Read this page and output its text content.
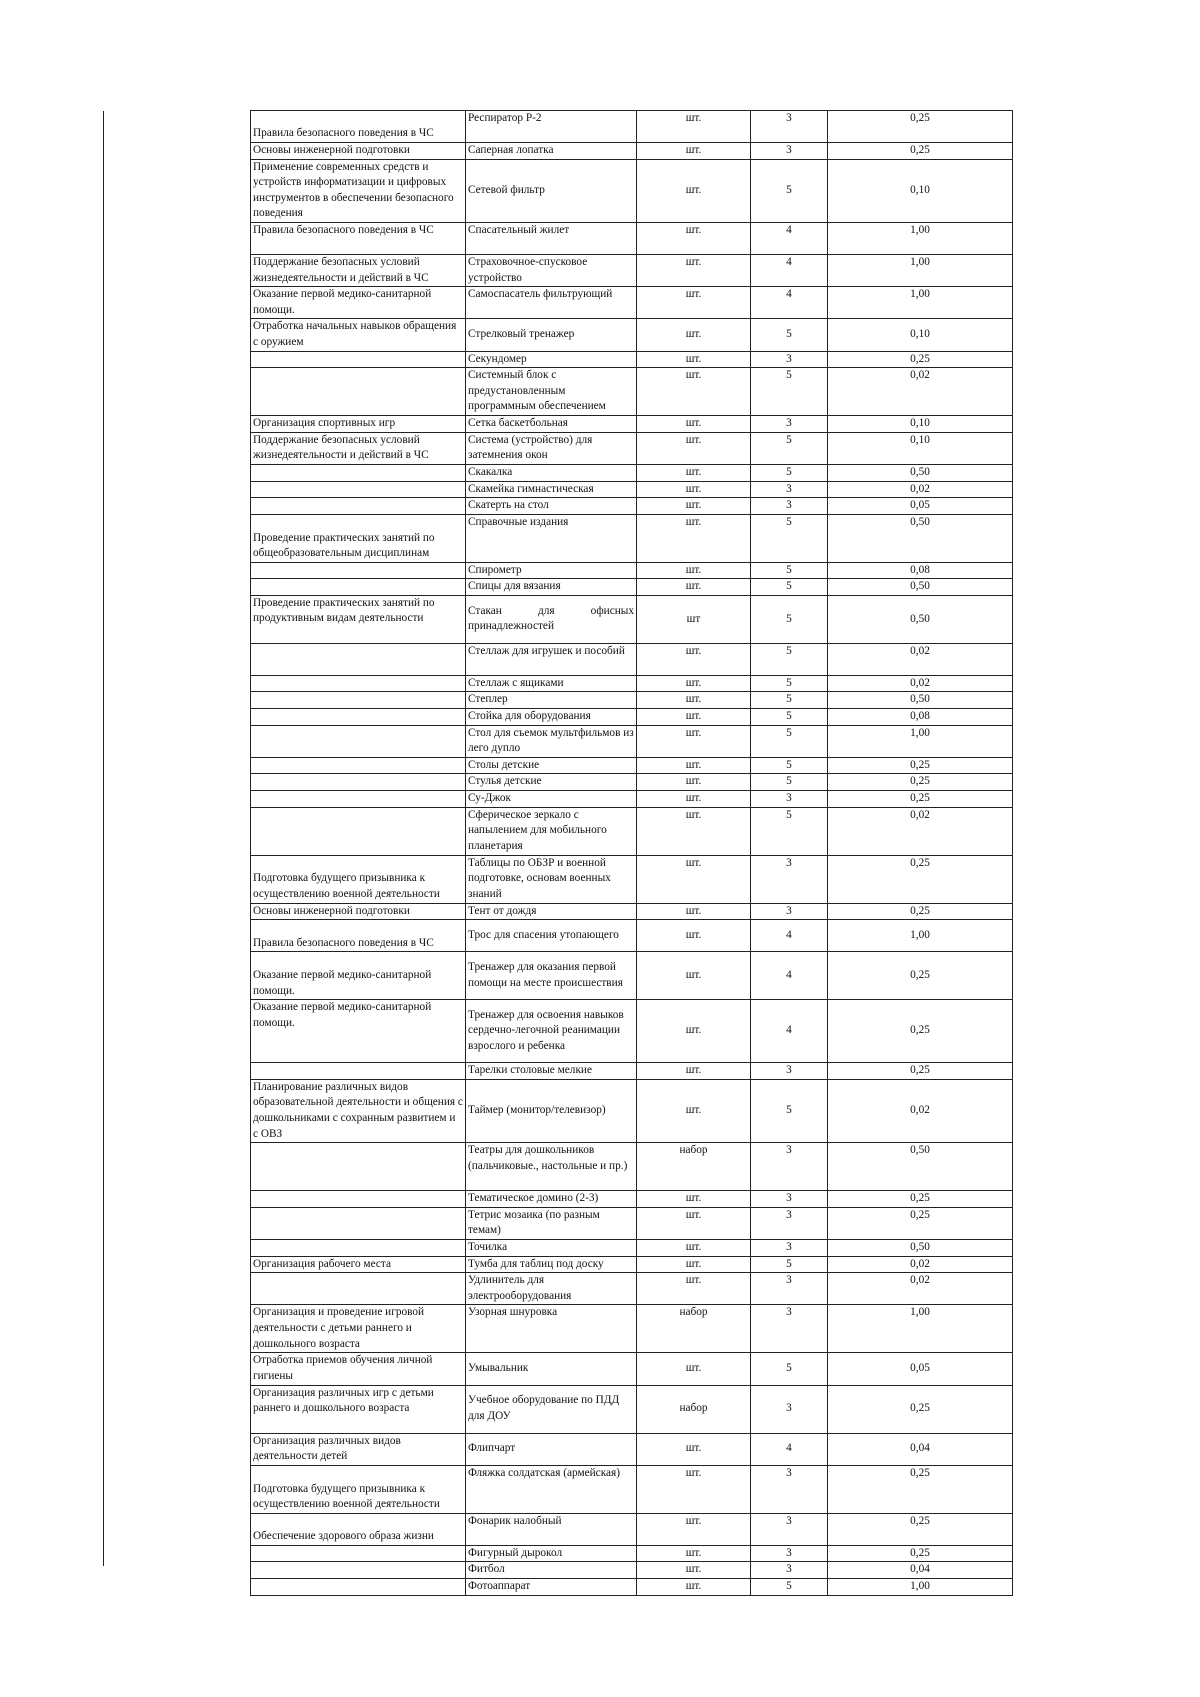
Правила безопасного поведения в ЧС	Респиратор Р-2	шт.	3	0,25
Основы инженерной подготовки	Саперная лопатка	шт.	3	0,25
Применение современных средств и устройств информатизации и цифровых инструментов в обеспечении безопасного поведения	Сетевой фильтр	шт.	5	0,10
Правила безопасного поведения в ЧС	Спасательный жилет	шт.	4	1,00
Поддержание безопасных условий жизнедеятельности и действий в ЧС	Страховочное-спусковое устройство	шт.	4	1,00
Оказание первой медико-санитарной помощи.	Самоспасатель фильтрующий	шт.	4	1,00
Отработка начальных навыков обращения с оружием	Стрелковый тренажер	шт.	5	0,10
	Секундомер	шт.	3	0,25
	Системный блок с предустановленным программным обеспечением	шт.	5	0,02
Организация спортивных игр	Сетка баскетбольная	шт.	3	0,10
Поддержание безопасных условий жизнедеятельности и действий в ЧС	Система (устройство) для затемнения окон	шт.	5	0,10
	Скакалка	шт.	5	0,50
	Скамейка гимнастическая	шт.	3	0,02
	Скатерть на стол	шт.	3	0,05
Проведение практических занятий по общеобразовательным дисциплинам	Справочные издания	шт.	5	0,50
	Спирометр	шт.	5	0,08
	Спицы для вязания	шт.	5	0,50
Проведение практических занятий по продуктивным видам деятельности	Стакан для офисных принадлежностей	шт	5	0,50
	Стеллаж для игрушек и пособий	шт.	5	0,02
	Стеллаж с ящиками	шт.	5	0,02
	Степлер	шт.	5	0,50
	Стойка для оборудования	шт.	5	0,08
	Стол для съемок мультфильмов из лего дупло	шт.	5	1,00
	Столы детские	шт.	5	0,25
	Стулья детские	шт.	5	0,25
	Су-Джок	шт.	3	0,25
	Сферическое зеркало с напылением для мобильного планетария	шт.	5	0,02
Подготовка будущего призывника к осуществлению военной деятельности	Таблицы по ОБЗР и военной подготовке, основам военных знаний	шт.	3	0,25
Основы инженерной подготовки	Тент от дождя	шт.	3	0,25
Правила безопасного поведения в ЧС	Трос для спасения утопающего	шт.	4	1,00
Оказание первой медико-санитарной помощи.	Тренажер для оказания первой помощи на месте происшествия	шт.	4	0,25
Оказание первой медико-санитарной помощи.	Тренажер для освоения навыков сердечно-легочной реанимации взрослого и ребенка	шт.	4	0,25
	Тарелки столовые мелкие	шт.	3	0,25
Планирование различных видов образовательной деятельности и общения с дошкольниками с сохранным развитием и с ОВЗ	Таймер (монитор/телевизор)	шт.	5	0,02
	Театры для дошкольников (пальчиковые., настольные и пр.)	набор	3	0,50
	Тематическое домино (2-3)	шт.	3	0,25
	Тетрис мозаика (по разным темам)	шт.	3	0,25
	Точилка	шт.	3	0,50
Организация рабочего места	Тумба для таблиц под доску	шт.	5	0,02
	Удлинитель для электрооборудования	шт.	3	0,02
Организация и проведение игровой деятельности с детьми раннего и дошкольного возраста	Узорная шнуровка	набор	3	1,00
Отработка приемов обучения личной гигиены	Умывальник	шт.	5	0,05
Организация различных игр с детьми раннего и дошкольного возраста	Учебное оборудование по ПДД для ДОУ	набор	3	0,25
Организация различных видов деятельности детей	Флипчарт	шт.	4	0,04
Подготовка будущего призывника к осуществлению военной деятельности	Фляжка солдатская (армейская)	шт.	3	0,25
Обеспечение здорового образа жизни	Фонарик налобный	шт.	3	0,25
	Фигурный дырокол	шт.	3	0,25
	Фитбол	шт.	3	0,04
	Фотоаппарат	шт.	5	1,00
